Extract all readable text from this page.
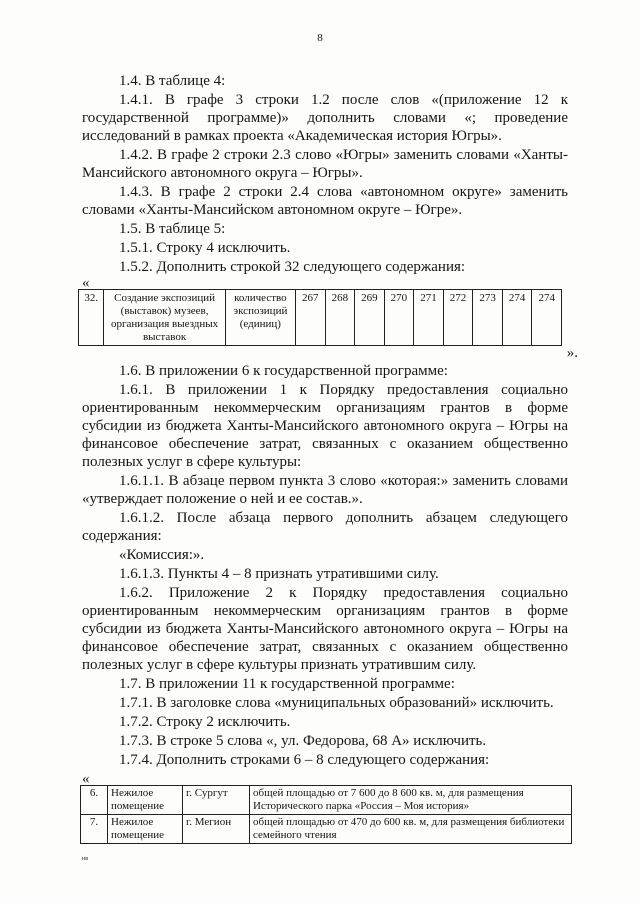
8

1.4. В таблице 4:

1.4.1. В графе 3 строки 1.2 после слов «(приложение 12 к государственной программе)» дополнить словами «; проведение исследований в рамках проекта «Академическая история Югры».

1.4.2. В графе 2 строки 2.3 слово «Югры» заменить словами «Ханты-Мансийского автономного округа – Югры».

1.4.3. В графе 2 строки 2.4 слова «автономном округе» заменить словами «Ханты-Мансийском автономном округе – Югре».

1.5. В таблице 5:

1.5.1. Строку 4 исключить.

1.5.2. Дополнить строкой 32 следующего содержания:

«

32.	Создание экспозиций (выставок) музеев, организация выездных выставок	количество экспозиций (единиц)	267	268	269	270	271	272	273	274	274

».

1.6. В приложении 6 к государственной программе:

1.6.1. В приложении 1 к Порядку предоставления социально ориентированным некоммерческим организациям грантов в форме субсидии из бюджета Ханты-Мансийского автономного округа – Югры на финансовое обеспечение затрат, связанных с оказанием общественно полезных услуг в сфере культуры:

1.6.1.1. В абзаце первом пункта 3 слово «которая:» заменить словами «утверждает положение о ней и ее состав.».

1.6.1.2. После абзаца первого дополнить абзацем следующего содержания:

«Комиссия:».

1.6.1.3. Пункты 4 – 8 признать утратившими силу.

1.6.2. Приложение 2 к Порядку предоставления социально ориентированным некоммерческим организациям грантов в форме субсидии из бюджета Ханты-Мансийского автономного округа – Югры на финансовое обеспечение затрат, связанных с оказанием общественно полезных услуг в сфере культуры признать утратившим силу.

1.7. В приложении 11 к государственной программе:

1.7.1. В заголовке слова «муниципальных образований» исключить.

1.7.2. Строку 2 исключить.

1.7.3. В строке 5 слова «, ул. Федорова, 68 А» исключить.

1.7.4. Дополнить строками 6 – 8 следующего содержания:

«

6.	Нежилое помещение	г. Сургут	общей площадью от 7 600 до 8 600 кв. м, для размещения Исторического парка «Россия – Моя история»
7.	Нежилое помещение	г. Мегион	общей площадью от 470 до 600 кв. м, для размещения библиотеки семейного чтения
нв
